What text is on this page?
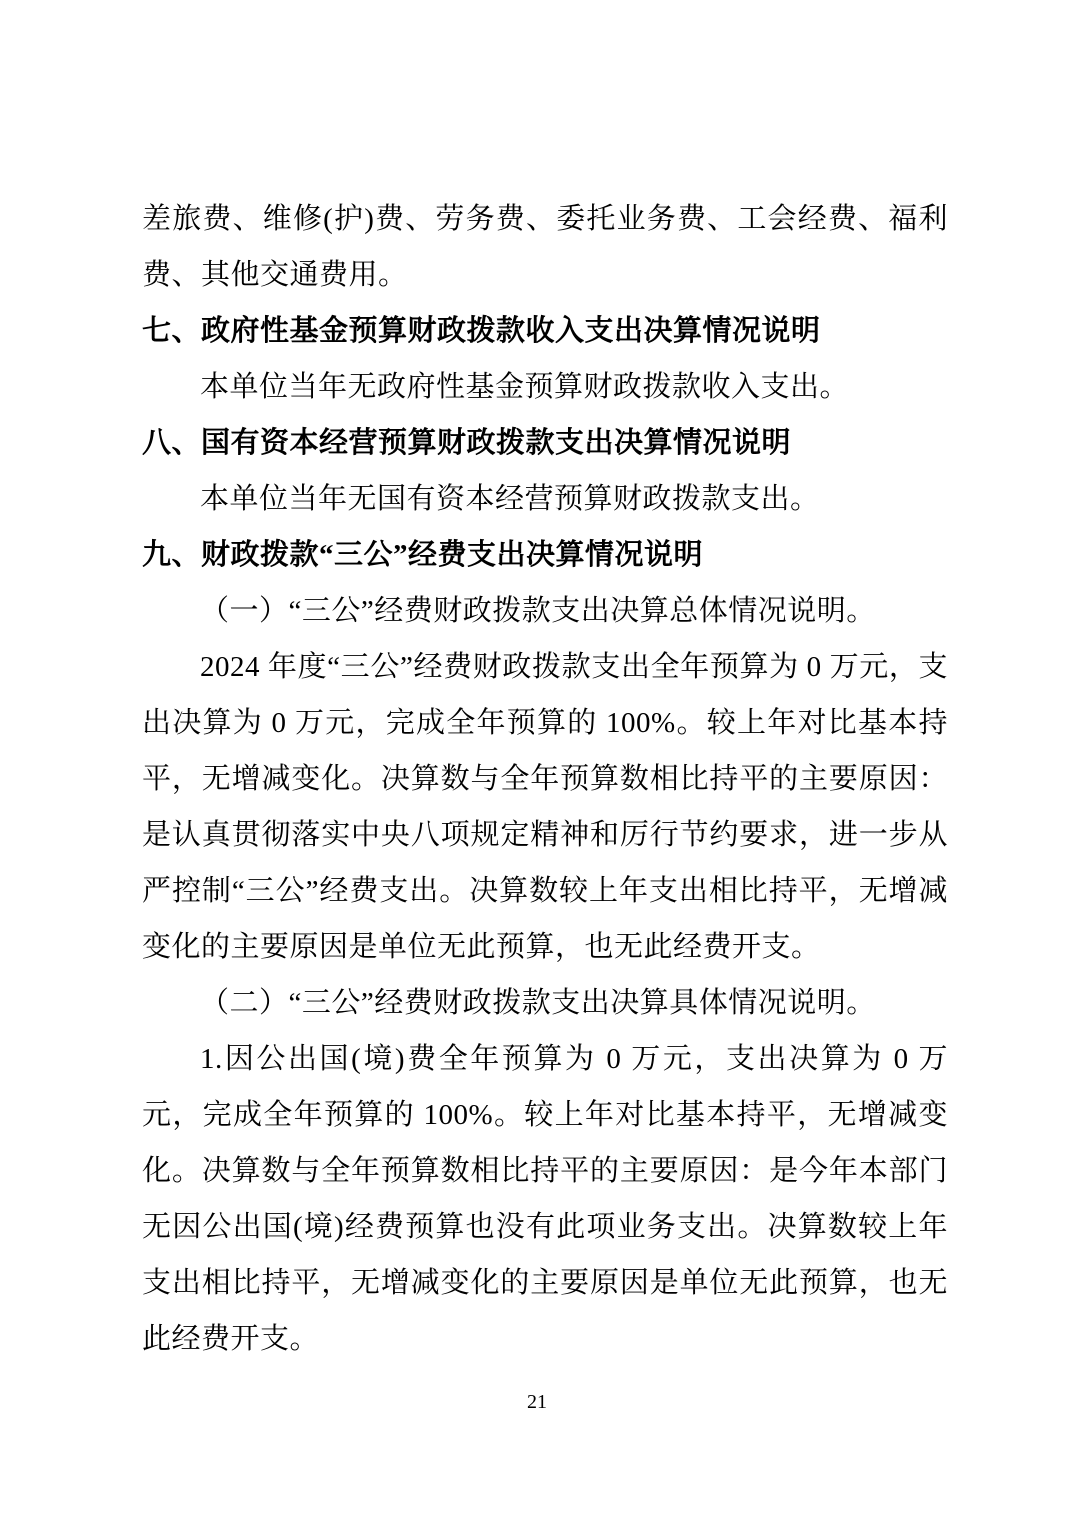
差旅费、维修(护)费、劳务费、委托业务费、工会经费、福利费、其他交通费用。

七、政府性基金预算财政拨款收入支出决算情况说明

本单位当年无政府性基金预算财政拨款收入支出。

八、国有资本经营预算财政拨款支出决算情况说明

本单位当年无国有资本经营预算财政拨款支出。

九、财政拨款“三公”经费支出决算情况说明

（一）“三公”经费财政拨款支出决算总体情况说明。

2024 年度“三公”经费财政拨款支出全年预算为 0 万元，支出决算为 0 万元，完成全年预算的 100%。较上年对比基本持平，无增减变化。决算数与全年预算数相比持平的主要原因：是认真贯彻落实中央八项规定精神和厉行节约要求，进一步从严控制“三公”经费支出。决算数较上年支出相比持平，无增减变化的主要原因是单位无此预算，也无此经费开支。

（二）“三公”经费财政拨款支出决算具体情况说明。

1.因公出国(境)费全年预算为 0 万元，支出决算为 0 万元，完成全年预算的 100%。较上年对比基本持平，无增减变化。决算数与全年预算数相比持平的主要原因：是今年本部门无因公出国(境)经费预算也没有此项业务支出。决算数较上年支出相比持平，无增减变化的主要原因是单位无此预算，也无此经费开支。

21
